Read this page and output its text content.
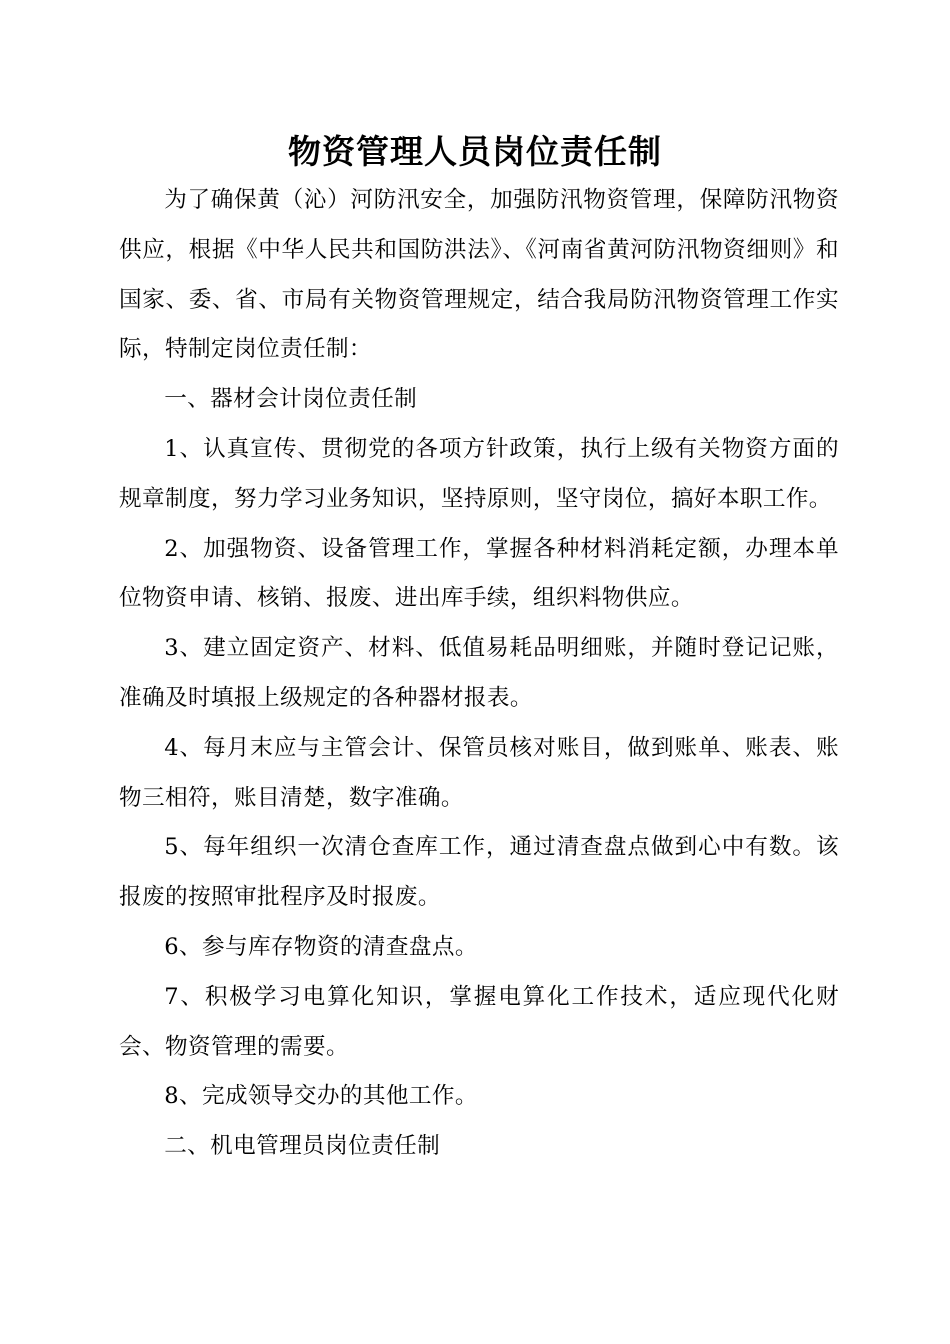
物资管理人员岗位责任制

为了确保黄（沁）河防汛安全，加强防汛物资管理，保障防汛物资供应，根据《中华人民共和国防洪法》、《河南省黄河防汛物资细则》和国家、委、省、市局有关物资管理规定，结合我局防汛物资管理工作实际，特制定岗位责任制：

一、器材会计岗位责任制

1、认真宣传、贯彻党的各项方针政策，执行上级有关物资方面的规章制度，努力学习业务知识，坚持原则，坚守岗位，搞好本职工作。

2、加强物资、设备管理工作，掌握各种材料消耗定额，办理本单位物资申请、核销、报废、进出库手续，组织料物供应。

3、建立固定资产、材料、低值易耗品明细账，并随时登记记账，准确及时填报上级规定的各种器材报表。

4、每月末应与主管会计、保管员核对账目，做到账单、账表、账物三相符，账目清楚，数字准确。

5、每年组织一次清仓查库工作，通过清查盘点做到心中有数。该报废的按照审批程序及时报废。

6、参与库存物资的清查盘点。

7、积极学习电算化知识，掌握电算化工作技术，适应现代化财会、物资管理的需要。

8、完成领导交办的其他工作。

二、机电管理员岗位责任制
